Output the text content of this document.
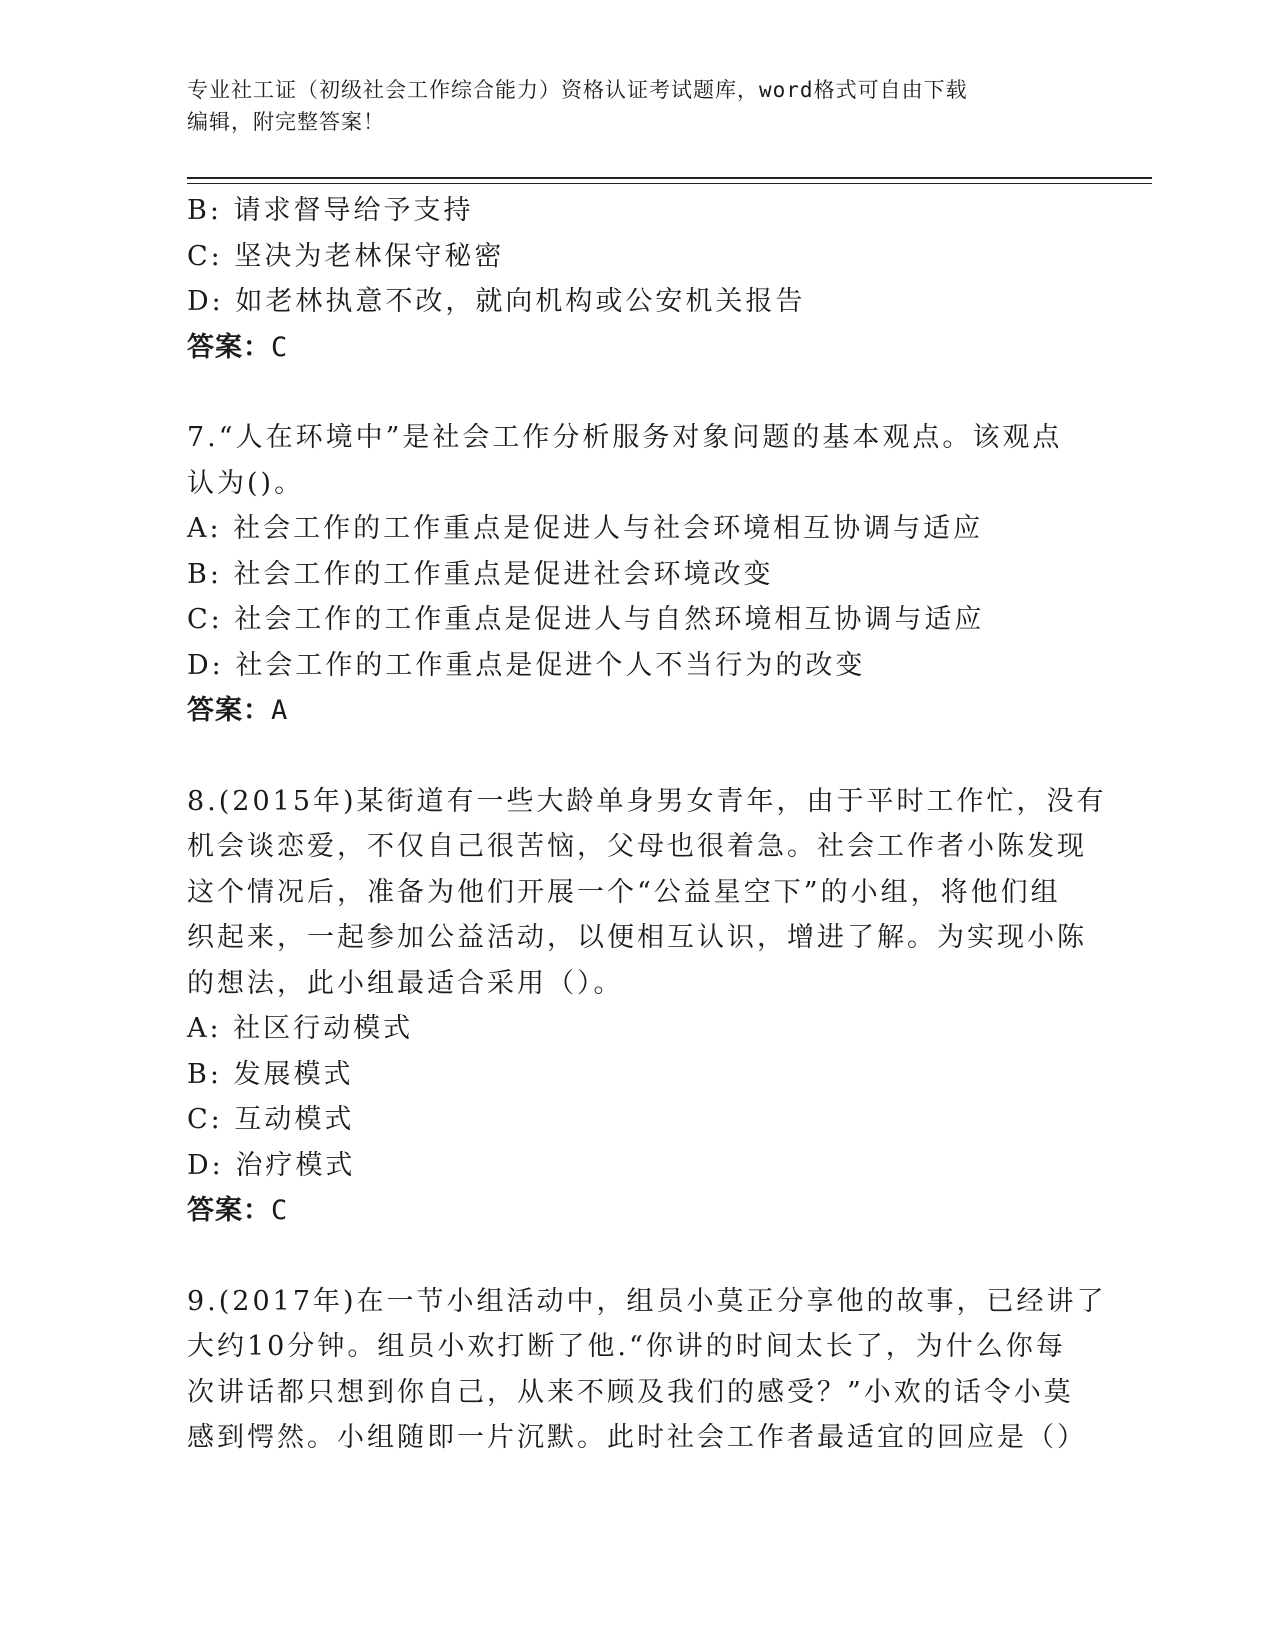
专业社工证（初级社会工作综合能力）资格认证考试题库，word格式可自由下载
编辑，附完整答案！
B: 请求督导给予支持
C: 坚决为老林保守秘密
D: 如老林执意不改，就向机构或公安机关报告
答案：C
7.“人在环境中”是社会工作分析服务对象问题的基本观点。该观点
认为()。
A: 社会工作的工作重点是促进人与社会环境相互协调与适应
B: 社会工作的工作重点是促进社会环境改变
C: 社会工作的工作重点是促进人与自然环境相互协调与适应
D: 社会工作的工作重点是促进个人不当行为的改变
答案：A
8.(2015年)某街道有一些大龄单身男女青年，由于平时工作忙，没有
机会谈恋爱，不仅自己很苦恼，父母也很着急。社会工作者小陈发现
这个情况后，准备为他们开展一个“公益星空下”的小组，将他们组
织起来，一起参加公益活动，以便相互认识，增进了解。为实现小陈
的想法，此小组最适合采用（）。
A: 社区行动模式
B: 发展模式
C: 互动模式
D: 治疗模式
答案：C
9.(2017年)在一节小组活动中，组员小莫正分享他的故事，已经讲了
大约10分钟。组员小欢打断了他.“你讲的时间太长了，为什么你每
次讲话都只想到你自己，从来不顾及我们的感受？”小欢的话令小莫
感到愕然。小组随即一片沉默。此时社会工作者最适宜的回应是（）
